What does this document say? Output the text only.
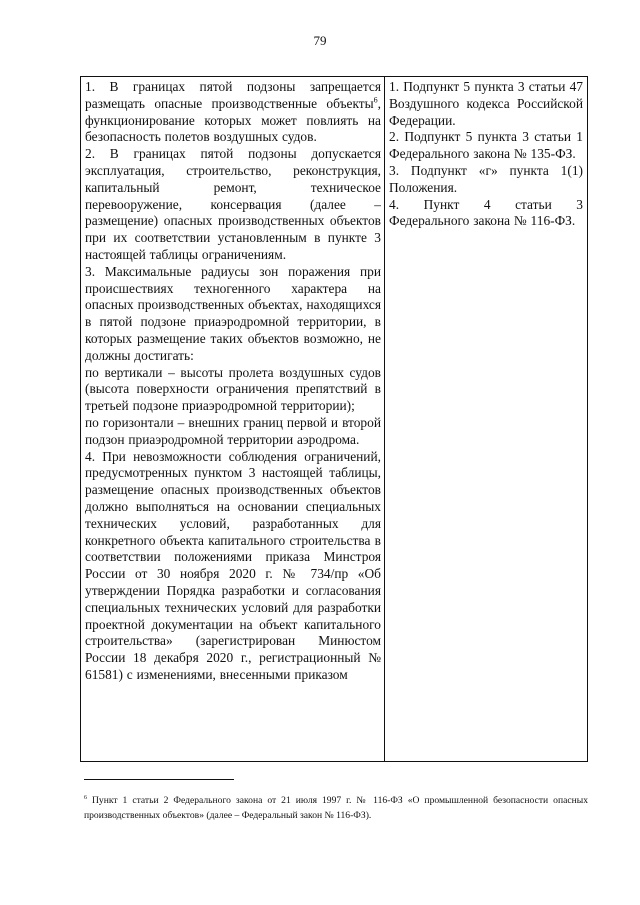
79

1. В границах пятой подзоны запрещается размещать опасные производственные объекты$^6$, функционирование которых может повлиять на безопасность полетов воздушных судов.

2. В границах пятой подзоны допускается эксплуатация, строительство, реконструкция, капитальный ремонт, техническое перевооружение, консервация (далее – размещение) опасных производственных объектов при их соответствии установленным в пункте 3 настоящей таблицы ограничениям.

3. Максимальные радиусы зон поражения при происшествиях техногенного характера на опасных производственных объектах, находящихся в пятой подзоне приаэродромной территории, в которых размещение таких объектов возможно, не должны достигать:

по вертикали – высоты пролета воздушных судов (высота поверхности ограничения препятствий в третьей подзоне приаэродромной территории);

по горизонтали – внешних границ первой и второй подзон приаэродромной территории аэродрома.

4. При невозможности соблюдения ограничений, предусмотренных пунктом 3 настоящей таблицы, размещение опасных производственных объектов должно выполняться на основании специальных технических условий, разработанных для конкретного объекта капитального строительства в соответствии положениями приказа Минстроя России от 30 ноября 2020 г. № 734/пр «Об утверждении Порядка разработки и согласования специальных технических условий для разработки проектной документации на объект капитального строительства» (зарегистрирован Минюстом России 18 декабря 2020 г., регистрационный № 61581) с изменениями, внесенными приказом

1. Подпункт 5 пункта 3 статьи 47 Воздушного кодекса Российской Федерации.

2. Подпункт 5 пункта 3 статьи 1 Федерального закона № 135-ФЗ.

3. Подпункт «г» пункта 1(1) Положения.

4. Пункт 4 статьи 3 Федерального закона № 116-ФЗ.

$^6$ Пункт 1 статьи 2 Федерального закона от 21 июля 1997 г. № 116-ФЗ «О промышленной безопасности опасных производственных объектов» (далее – Федеральный закон № 116-ФЗ).
